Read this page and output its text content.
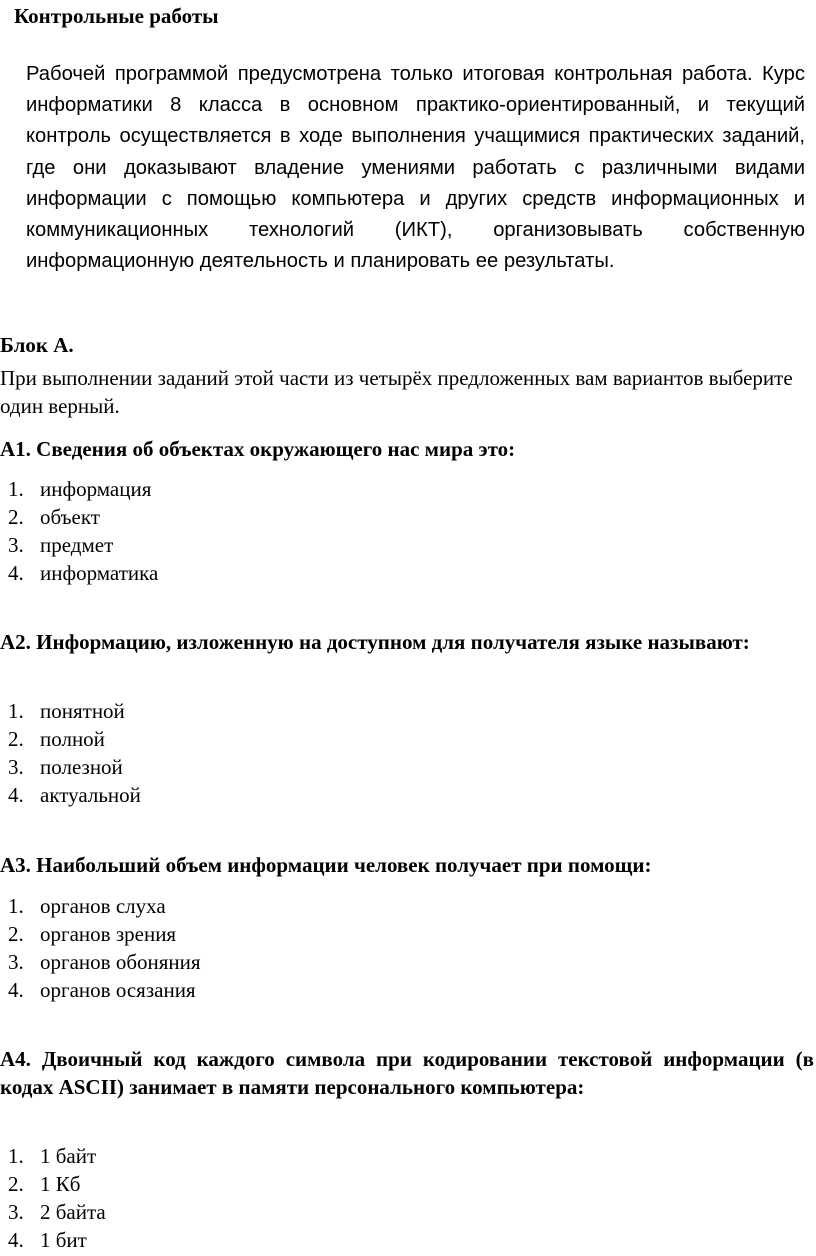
Контрольные работы

Рабочей программой предусмотрена только итоговая контрольная работа. Курс информатики 8 класса в основном практико-ориентированный, и текущий контроль осуществляется в ходе выполнения учащимися практических заданий, где они доказывают владение умениями работать с различными видами информации с помощью компьютера и других средств информационных и коммуникационных технологий (ИКТ), организовывать собственную информационную деятельность и планировать ее результаты.

Блок А.

При выполнении заданий этой части из четырёх предложенных вам вариантов выберите один верный.

А1. Сведения об объектах окружающего нас мира это:

1. информация
2. объект
3. предмет
4. информатика

А2. Информацию, изложенную на доступном для получателя языке называют:

1. понятной
2. полной
3. полезной
4. актуальной

А3. Наибольший объем информации человек получает при помощи:

1. органов слуха
2. органов зрения
3. органов обоняния
4. органов осязания

А4. Двоичный код каждого символа при кодировании текстовой информации (в кодах ASCII) занимает в памяти персонального компьютера:

1. 1 байт
2. 1 Кб
3. 2 байта
4. 1 бит
